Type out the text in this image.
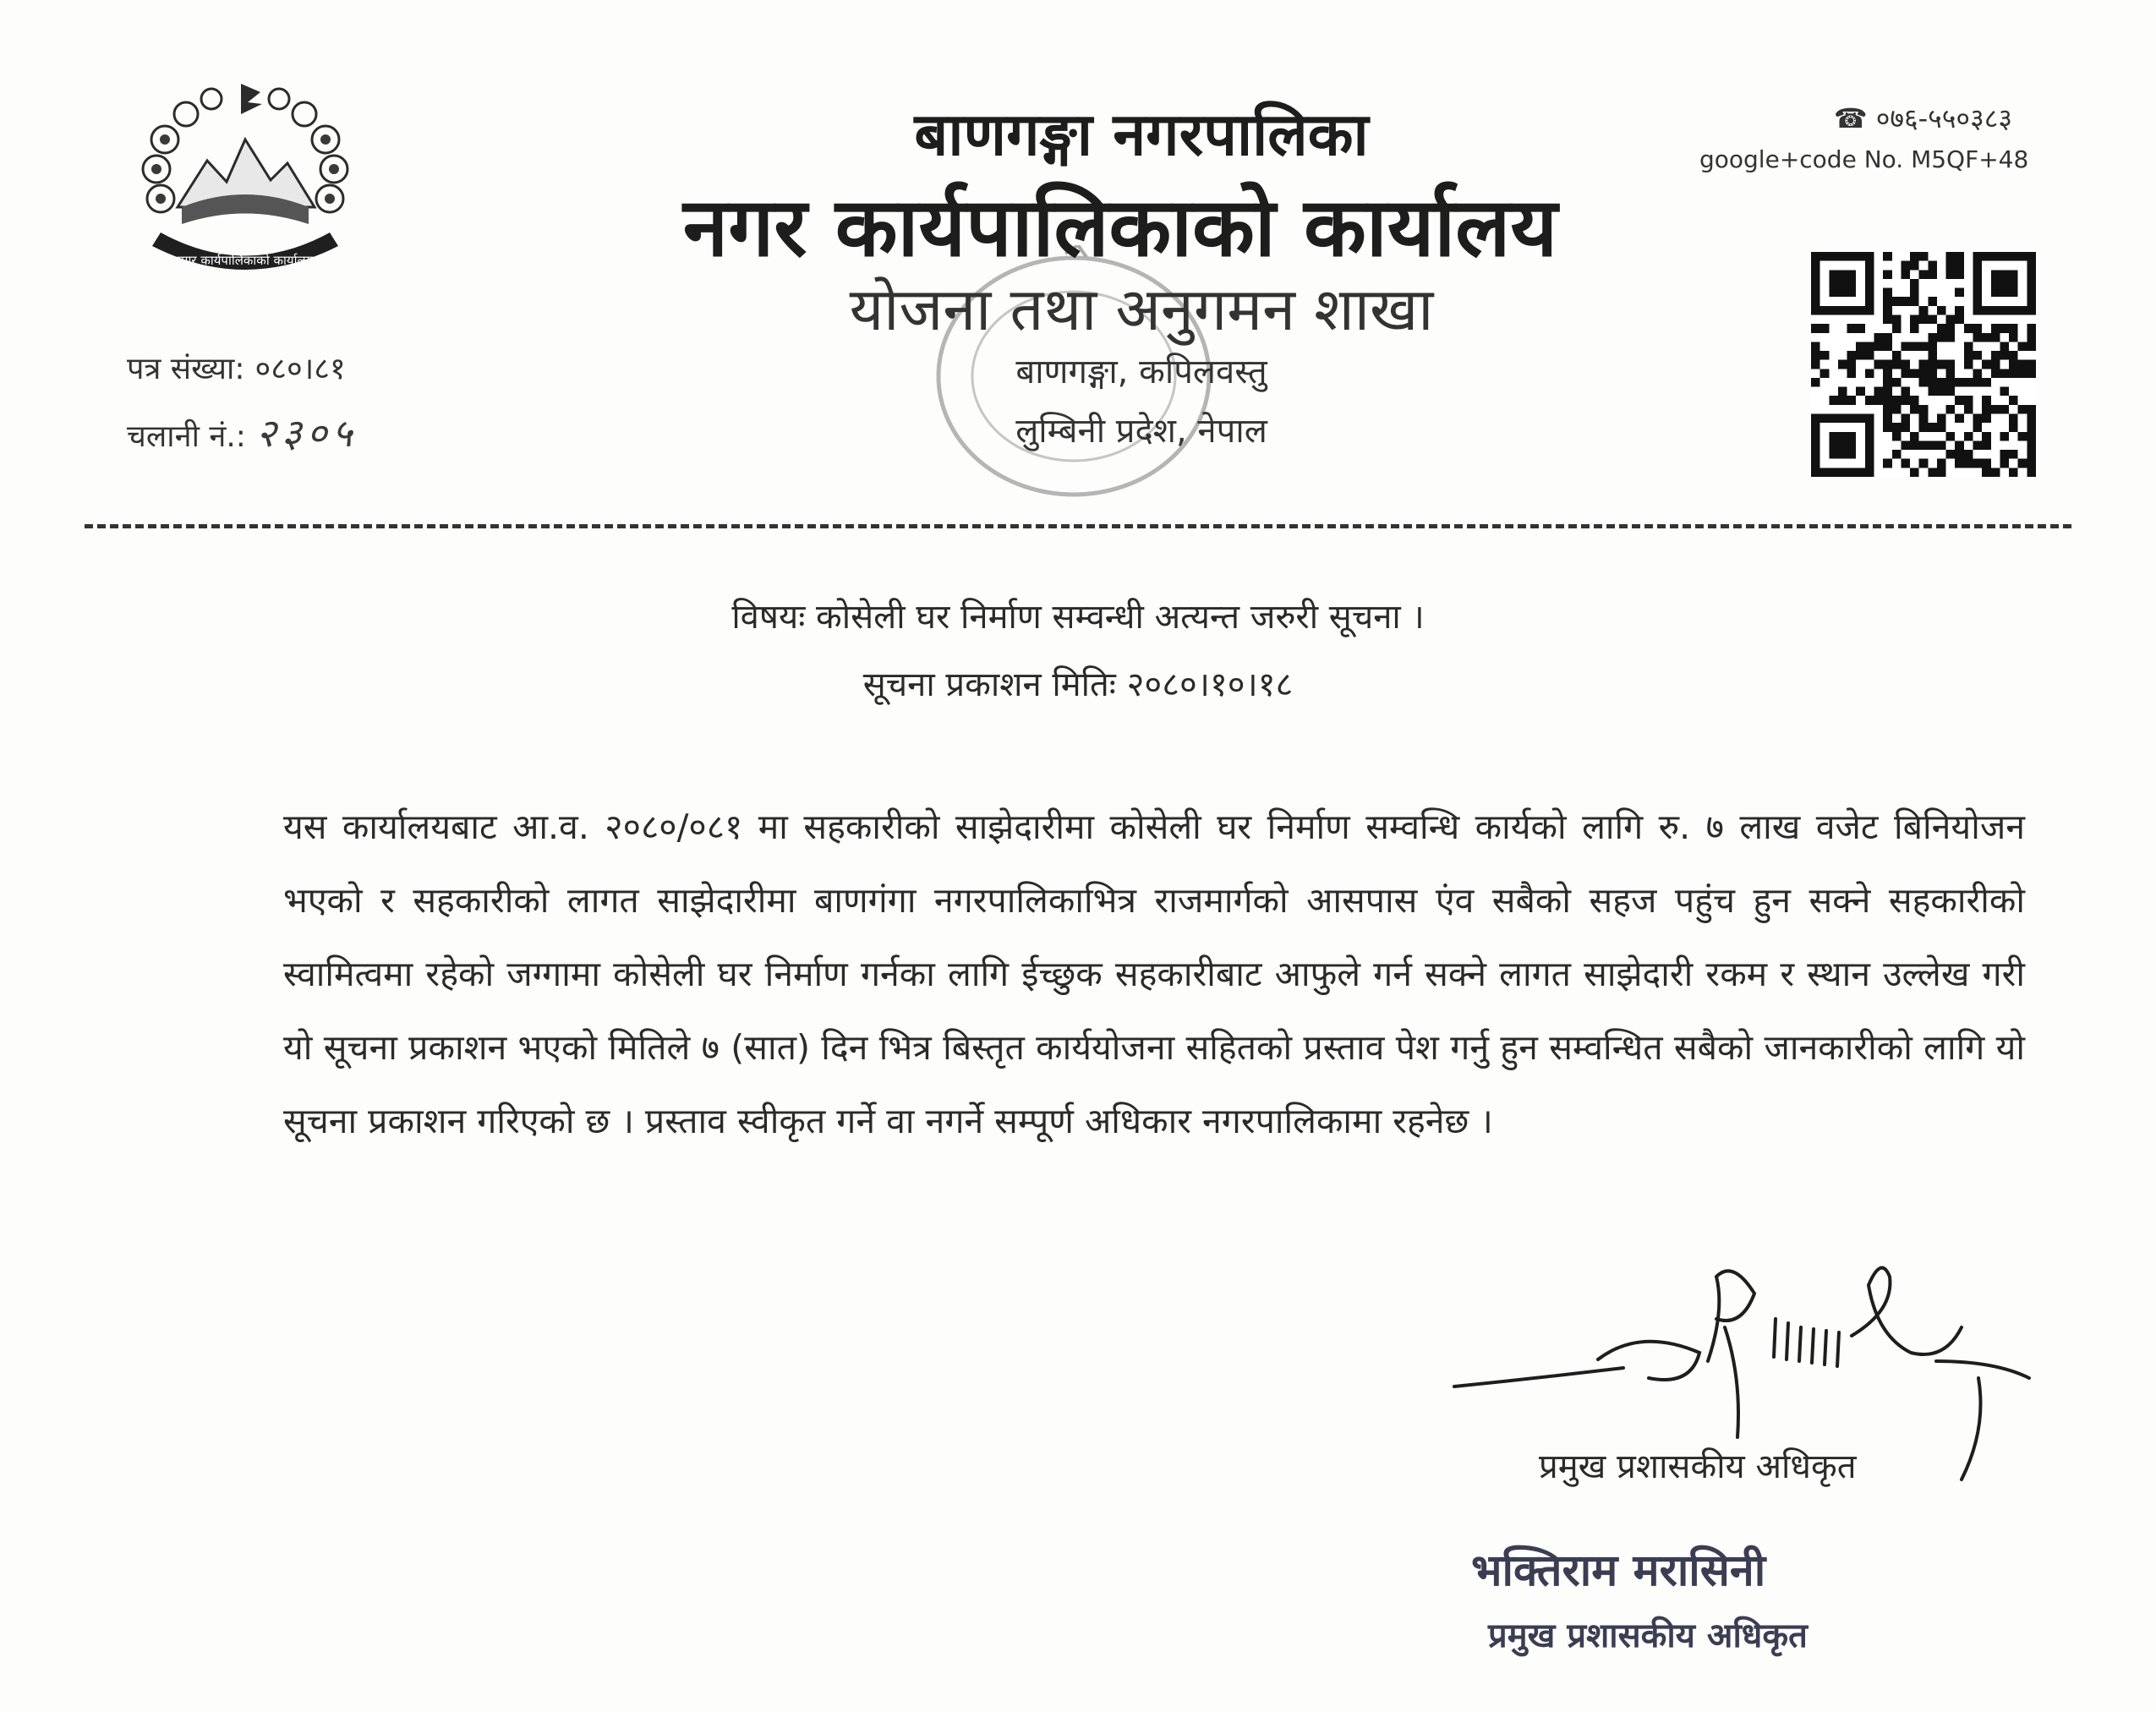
नगर कार्यपालिकाको कार्यालय
बाणगङ्गा नगरपालिका
नगर कार्यपालिकाको कार्यालय
योजना तथा अनुगमन शाखा
बाणगङ्गा, कपिलवस्तु
लुम्बिनी प्रदेश, नेपाल
☎ ०७६-५५०३८३
google+code No. M5QF+48
पत्र संख्या: ०८०।८१
चलानी नं.: २३०५
विषयः कोसेली घर निर्माण सम्वन्धी अत्यन्त जरुरी सूचना ।
सूचना प्रकाशन मितिः २०८०।१०।१८
यस कार्यालयबाट आ.व. २०८०/०८१ मा सहकारीको साझेदारीमा कोसेली घर निर्माण सम्वन्धि कार्यको लागि रु. ७ लाख वजेट बिनियोजन भएको र सहकारीको लागत साझेदारीमा बाणगंगा नगरपालिकाभित्र राजमार्गको आसपास एंव सबैको सहज पहुंच हुन सक्ने सहकारीको स्वामित्वमा रहेको जग्गामा कोसेली घर निर्माण गर्नका लागि ईच्छुक सहकारीबाट आफुले गर्न सक्ने लागत साझेदारी रकम र स्थान उल्लेख गरी यो सूचना प्रकाशन भएको मितिले ७ (सात) दिन भित्र बिस्तृत कार्ययोजना सहितको प्रस्ताव पेश गर्नु हुन सम्वन्धित सबैको जानकारीको लागि यो सूचना प्रकाशन गरिएको छ । प्रस्ताव स्वीकृत गर्ने वा नगर्ने सम्पूर्ण अधिकार नगरपालिकामा रहनेछ ।
प्रमुख प्रशासकीय अधिकृत
भक्तिराम मरासिनी
प्रमुख प्रशासकीय अधिकृत
